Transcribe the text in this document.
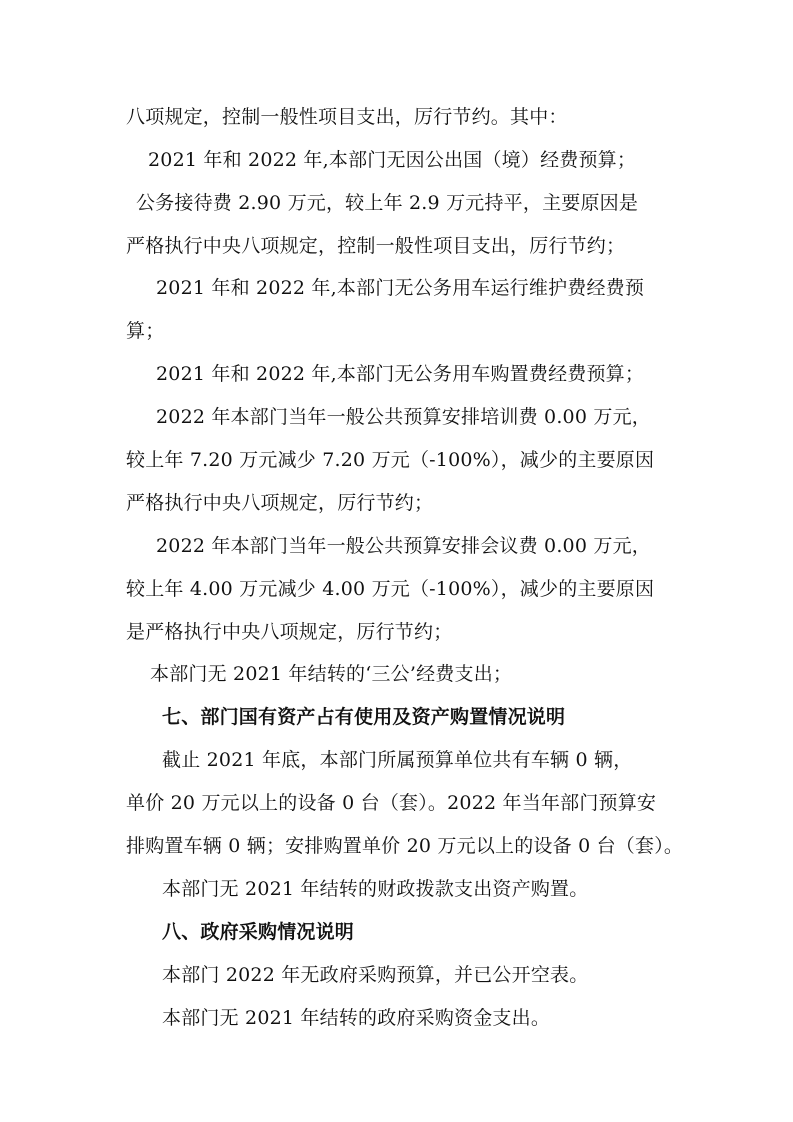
八项规定，控制一般性项目支出，厉行节约。其中：
2021 年和 2022 年,本部门无因公出国（境）经费预算；
公务接待费 2.90 万元，较上年 2.9 万元持平，主要原因是
严格执行中央八项规定，控制一般性项目支出，厉行节约；
2021 年和 2022 年,本部门无公务用车运行维护费经费预
算；
2021 年和 2022 年,本部门无公务用车购置费经费预算；
2022 年本部门当年一般公共预算安排培训费 0.00 万元，
较上年 7.20 万元减少 7.20 万元（-100%），减少的主要原因
严格执行中央八项规定，厉行节约；
2022 年本部门当年一般公共预算安排会议费 0.00 万元，
较上年 4.00 万元减少 4.00 万元（-100%），减少的主要原因
是严格执行中央八项规定，厉行节约；
本部门无 2021 年结转的‘三公’经费支出；
七、部门国有资产占有使用及资产购置情况说明
截止 2021 年底，本部门所属预算单位共有车辆 0 辆，
单价 20 万元以上的设备 0 台（套）。2022 年当年部门预算安
排购置车辆 0 辆；安排购置单价 20 万元以上的设备 0 台（套）。
本部门无 2021 年结转的财政拨款支出资产购置。
八、政府采购情况说明
本部门 2022 年无政府采购预算，并已公开空表。
本部门无 2021 年结转的政府采购资金支出。
